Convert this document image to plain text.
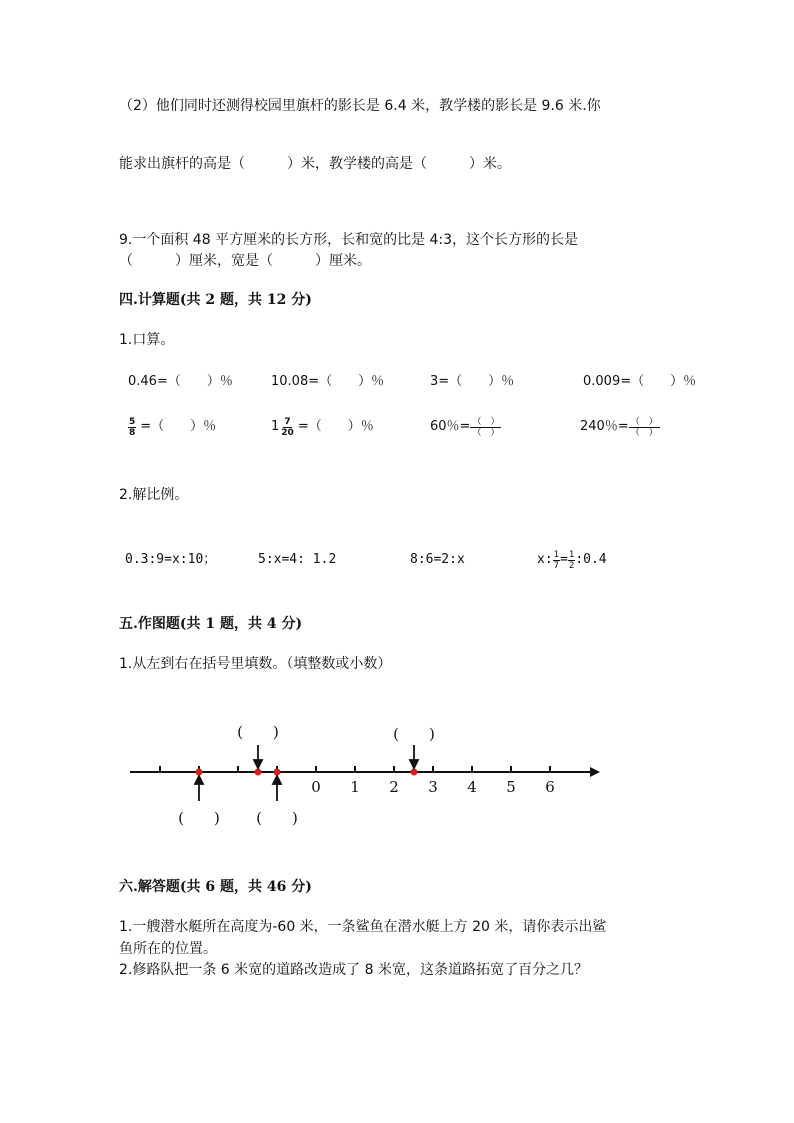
（2）他们同时还测得校园里旗杆的影长是 6.4 米，教学楼的影长是 9.6 米.你
能求出旗杆的高是（　　　）米，教学楼的高是（　　　）米。
9.一个面积 48 平方厘米的长方形，长和宽的比是 4:3，这个长方形的长是
（　　　）厘米，宽是（　　　）厘米。
四.计算题(共 2 题，共 12 分)
1.口算。
0.46=（　　）％	10.08=（　　）％	3=（　　）％	0.009=（　　）％
$\frac{5}{8}$ =（　　）％	$1 \frac{7}{20}$ =（　　）％	60％= $\frac{( )}{( )}$	240％= $\frac{( )}{( )}$
2.解比例。
0.3:9=x:10；	5:x=4: 1.2	8:6=2:x	x: $\frac{1}{7} = \frac{1}{2}$ :0.4
五.作图题(共 1 题，共 4 分)
1.从左到右在括号里填数。（填整数或小数）
0 1 2 3 4 5 6
(　　)	(　　)
(　　) (　　)
六.解答题(共 6 题，共 46 分)
1.一艘潜水艇所在高度为-60 米，一条鲨鱼在潜水艇上方 20 米，请你表示出鲨
鱼所在的位置。
2.修路队把一条 6 米宽的道路改造成了 8 米宽，这条道路拓宽了百分之几？
